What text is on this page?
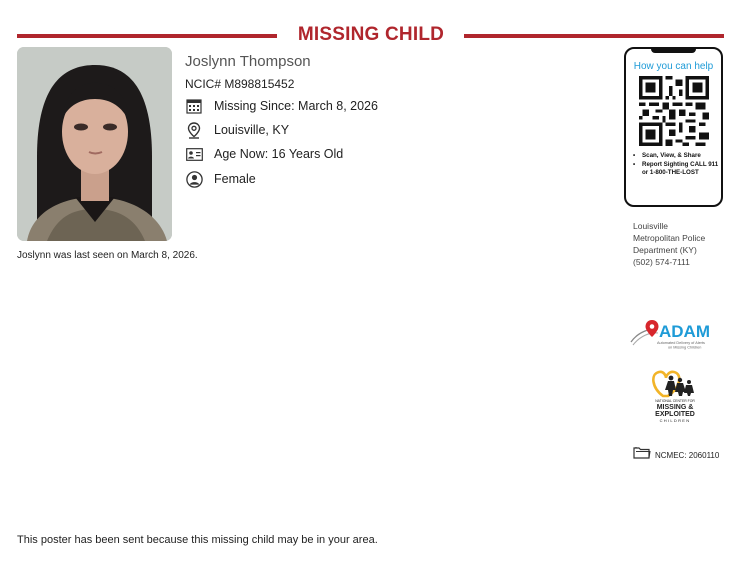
MISSING CHILD
Joslynn Thompson
NCIC# M898815452
Missing Since: March 8, 2026
Louisville, KY
Age Now: 16 Years Old
Female
Joslynn was last seen on March 8, 2026.
How you can help
• Scan, View, & Share
• Report Sighting CALL 911 or 1-800-THE-LOST
Louisville
Metropolitan Police
Department (KY)
(502) 574-7111
ADAM
Automated Delivery of Alerts
on Missing Children
NATIONAL CENTER FOR
MISSING &
EXPLOITED
CHILDREN
NCMEC: 2060110
This poster has been sent because this missing child may be in your area.
